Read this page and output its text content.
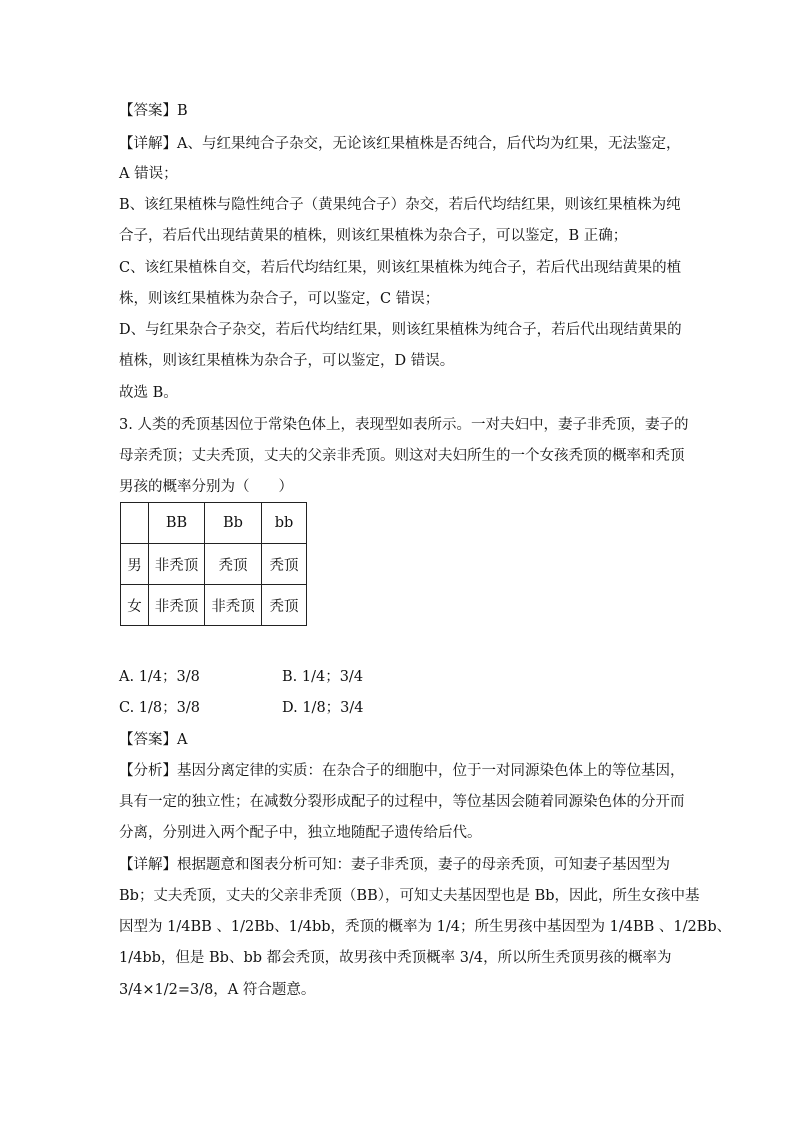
【答案】B
【详解】A、与红果纯合子杂交，无论该红果植株是否纯合，后代均为红果，无法鉴定，
A 错误；
B、该红果植株与隐性纯合子（黄果纯合子）杂交，若后代均结红果，则该红果植株为纯
合子，若后代出现结黄果的植株，则该红果植株为杂合子，可以鉴定，B 正确；
C、该红果植株自交，若后代均结红果，则该红果植株为纯合子，若后代出现结黄果的植
株，则该红果植株为杂合子，可以鉴定，C 错误；
D、与红果杂合子杂交，若后代均结红果，则该红果植株为纯合子，若后代出现结黄果的
植株，则该红果植株为杂合子，可以鉴定，D 错误。
故选 B。
3. 人类的秃顶基因位于常染色体上，表现型如表所示。一对夫妇中，妻子非秃顶，妻子的
母亲秃顶；丈夫秃顶，丈夫的父亲非秃顶。则这对夫妇所生的一个女孩秃顶的概率和秃顶
男孩的概率分别为（　　）
	BB	Bb	bb
男	非秃顶	秃顶	秃顶
女	非秃顶	非秃顶	秃顶
A. 1/4；3/8	B. 1/4；3/4
C. 1/8；3/8	D. 1/8；3/4
【答案】A
【分析】基因分离定律的实质：在杂合子的细胞中，位于一对同源染色体上的等位基因，
具有一定的独立性；在减数分裂形成配子的过程中，等位基因会随着同源染色体的分开而
分离，分别进入两个配子中，独立地随配子遗传给后代。
【详解】根据题意和图表分析可知：妻子非秃顶，妻子的母亲秃顶，可知妻子基因型为
Bb；丈夫秃顶，丈夫的父亲非秃顶（BB），可知丈夫基因型也是 Bb，因此，所生女孩中基
因型为 1/4BB 、1/2Bb、1/4bb，秃顶的概率为 1/4；所生男孩中基因型为 1/4BB 、1/2Bb、
1/4bb，但是 Bb、bb 都会秃顶，故男孩中秃顶概率 3/4，所以所生秃顶男孩的概率为
3/4×1/2=3/8，A 符合题意。
